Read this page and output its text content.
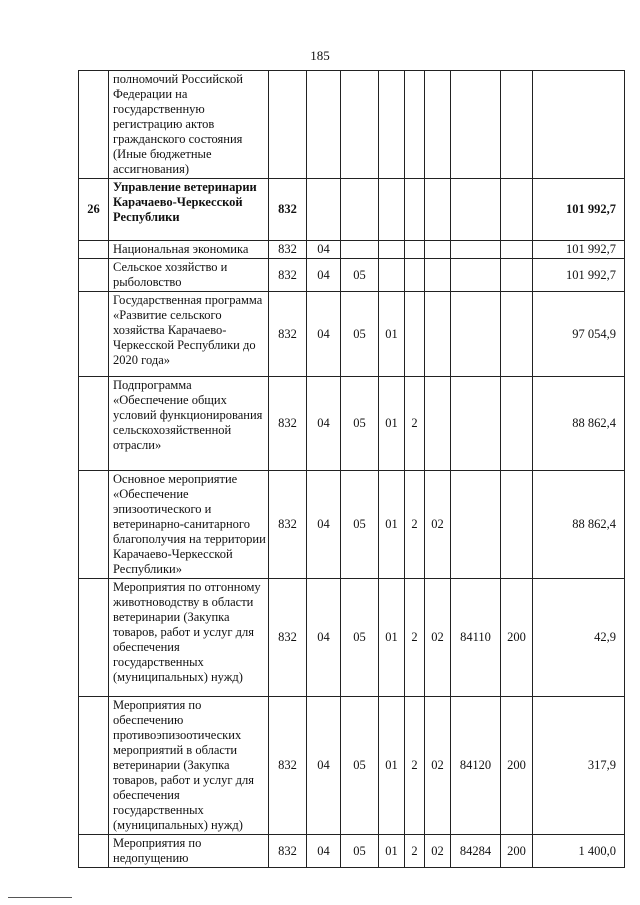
185
	полномочий Российской Федерации на государственную регистрацию актов гражданского состояния (Иные бюджетные ассигнования)									
26	Управление ветеринарии Карачаево-Черкесской Республики	832								101 992,7
	Национальная экономика	832	04							101 992,7
	Сельское хозяйство и рыболовство	832	04	05						101 992,7
	Государственная программа «Развитие сельского хозяйства Карачаево-Черкесской Республики до 2020 года»	832	04	05	01					97 054,9
	Подпрограмма «Обеспечение общих условий функционирования сельскохозяйственной отрасли»	832	04	05	01	2				88 862,4
	Основное мероприятие «Обеспечение эпизоотического и ветеринарно-санитарного благополучия на территории Карачаево-Черкесской Республики»	832	04	05	01	2	02			88 862,4
	Мероприятия по отгонному животноводству в области ветеринарии (Закупка товаров, работ и услуг для обеспечения государственных (муниципальных) нужд)	832	04	05	01	2	02	84110	200	42,9
	Мероприятия по обеспечению противоэпизоотических мероприятий в области ветеринарии (Закупка товаров, работ и услуг для обеспечения государственных (муниципальных) нужд)	832	04	05	01	2	02	84120	200	317,9
	Мероприятия по недопущению	832	04	05	01	2	02	84284	200	1 400,0
